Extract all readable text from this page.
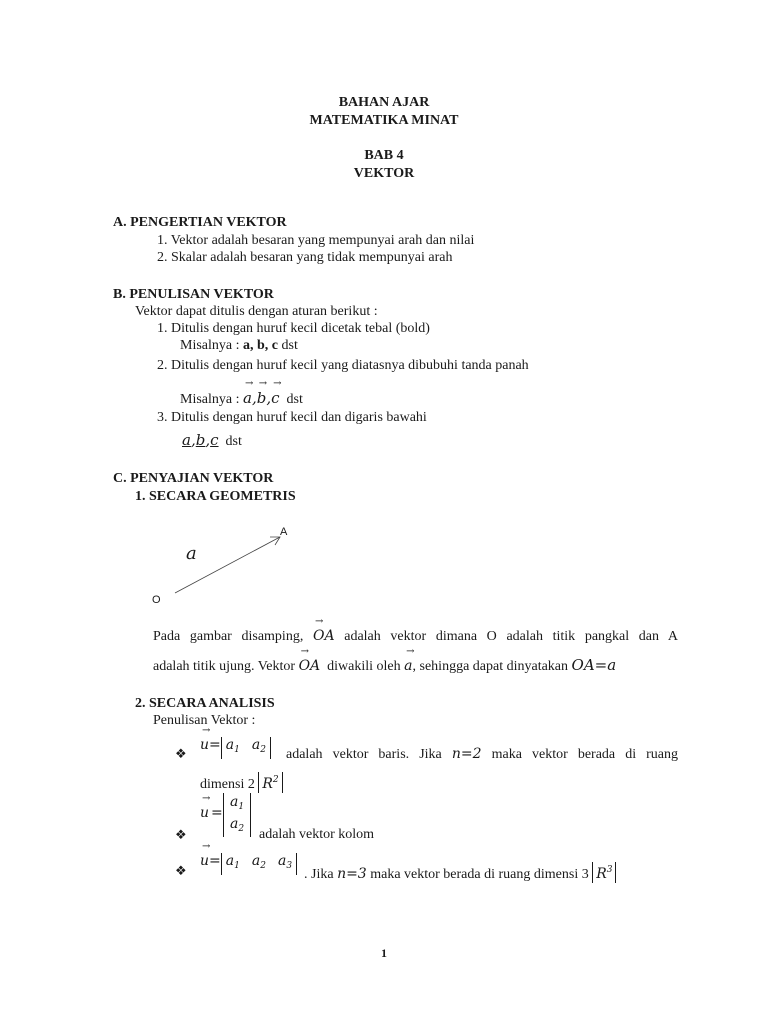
BAHAN AJAR
MATEMATIKA MINAT
BAB 4
VEKTOR
A. PENGERTIAN VEKTOR
1. Vektor adalah besaran yang mempunyai arah dan nilai
2. Skalar adalah besaran yang tidak mempunyai arah
B. PENULISAN VEKTOR
Vektor dapat ditulis dengan aturan berikut :
1. Ditulis dengan huruf kecil dicetak tebal (bold)
Misalnya : a, b, c dst
2. Ditulis dengan huruf kecil yang diatasnya dibubuhi tanda panah
Misalnya : → a,→ b,→ c dst
3. Ditulis dengan huruf kecil dan digaris bawahi
a,b,c dst
C. PENYAJIAN VEKTOR
1. SECARA GEOMETRIS
A
O
a
Pada gambar disamping, → OA adalah vektor dimana O adalah titik pangkal dan A
adalah titik ujung. Vektor → OA diwakili oleh → a, sehingga dapat dinyatakan OA=a
2. SECARA ANALISIS
Penulisan Vektor :
❖
→ $u= a_1$ $a_2$	adalah vektor baris. Jika n=2 maka vektor berada di ruang
dimensi 2 $R^2$
→ u =
$a_1$
$a_2$
❖	adalah vektor kolom
❖
→ $u= a_1$ $a_2$ $a_3$
. Jika n=3 maka vektor berada di ruang dimensi 3 $R^3$
1
